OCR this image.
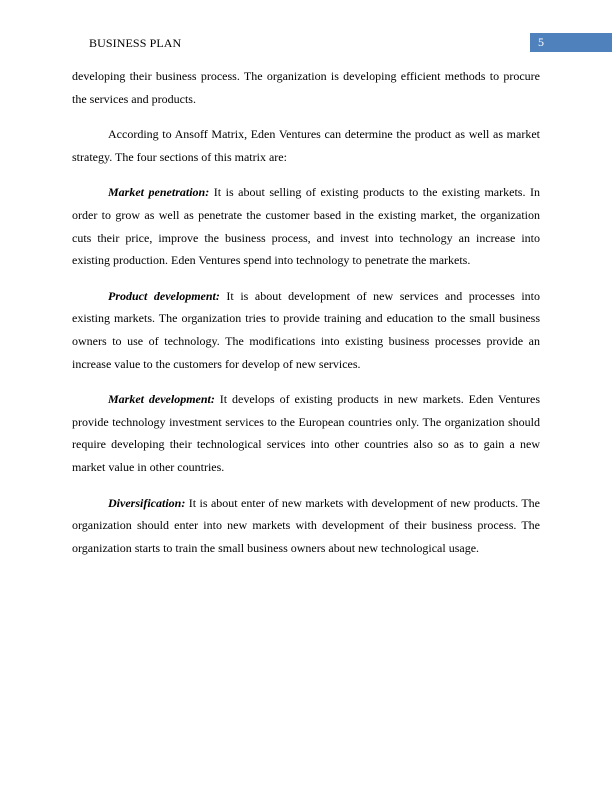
BUSINESS PLAN	5

developing their business process. The organization is developing efficient methods to procure the services and products.

According to Ansoff Matrix, Eden Ventures can determine the product as well as market strategy. The four sections of this matrix are:

Market penetration: It is about selling of existing products to the existing markets. In order to grow as well as penetrate the customer based in the existing market, the organization cuts their price, improve the business process, and invest into technology an increase into existing production. Eden Ventures spend into technology to penetrate the markets.

Product development: It is about development of new services and processes into existing markets. The organization tries to provide training and education to the small business owners to use of technology. The modifications into existing business processes provide an increase value to the customers for develop of new services.

Market development: It develops of existing products in new markets. Eden Ventures provide technology investment services to the European countries only. The organization should require developing their technological services into other countries also so as to gain a new market value in other countries.

Diversification: It is about enter of new markets with development of new products. The organization should enter into new markets with development of their business process. The organization starts to train the small business owners about new technological usage.
